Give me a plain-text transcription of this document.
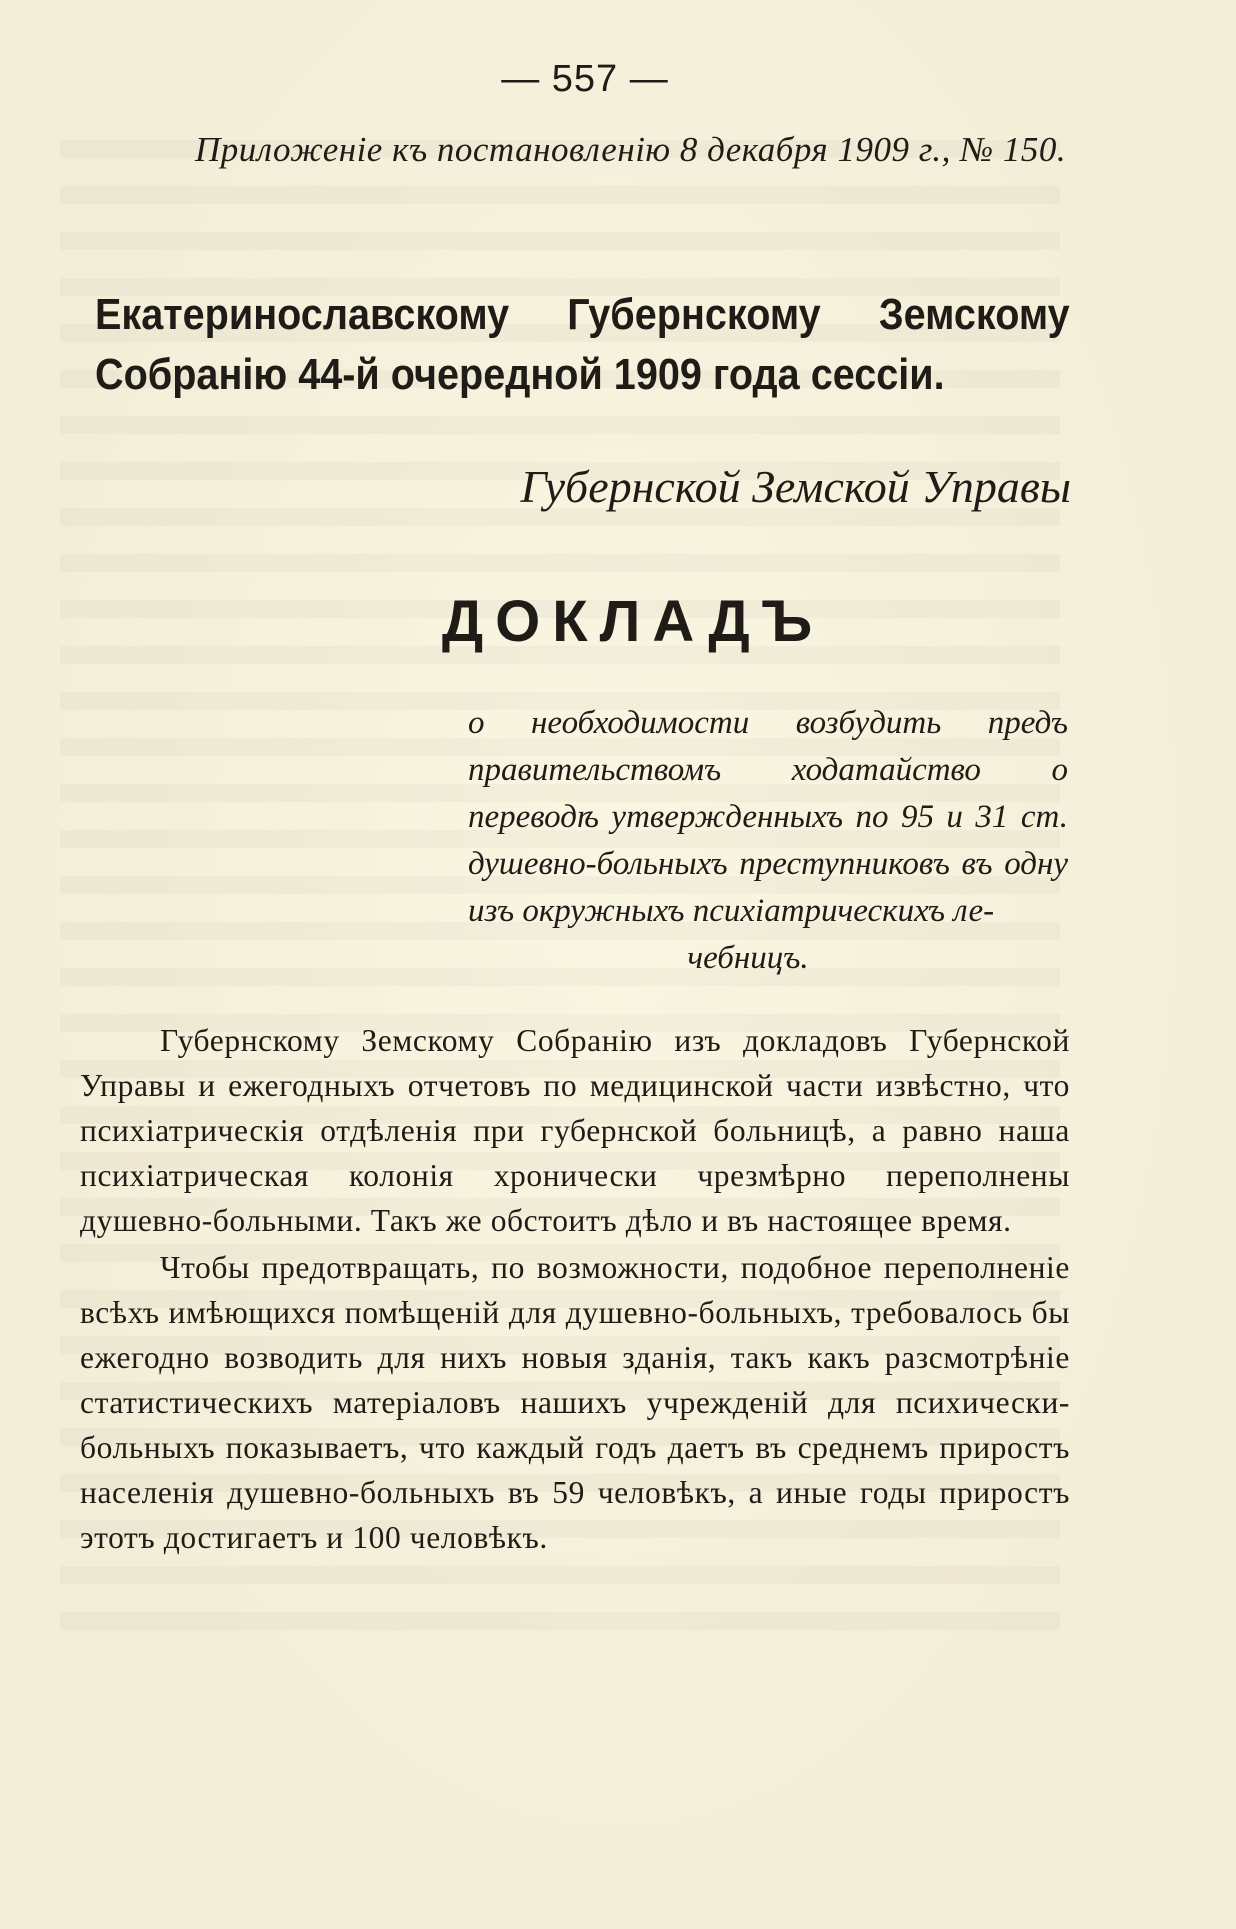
— 557 —
Приложеніе къ постановленію 8 декабря 1909 г., № 150.
Екатеринославскому Губернскому Земскому Собранію 44-й очередной 1909 года сессіи.
Губернской Земской Управы
ДОКЛАДЪ
о необходимости возбудить предъ правительствомъ ходатайство о переводѣ утвержденныхъ по 95 и 31 ст. душевно-больныхъ преступниковъ въ одну изъ окружныхъ психіатрическихъ ле-
чебницъ.

Губернскому Земскому Собранію изъ докладовъ Губернской Управы и ежегодныхъ отчетовъ по медицинской части извѣстно, что психіатрическія отдѣленія при губернской больницѣ, а равно наша психіатрическая колонія хронически чрезмѣрно переполнены душевно-больными. Такъ же обстоитъ дѣло и въ настоящее время.

Чтобы предотвращать, по возможности, подобное переполненіе всѣхъ имѣющихся помѣщеній для душевно-больныхъ, требовалось бы ежегодно возводить для нихъ новыя зданія, такъ какъ разсмотрѣніе статистическихъ матеріаловъ нашихъ учрежденій для психически-больныхъ показываетъ, что каждый годъ даетъ въ среднемъ приростъ населенія душевно-больныхъ въ 59 человѣкъ, а иные годы приростъ этотъ достигаетъ и 100 человѣкъ.
